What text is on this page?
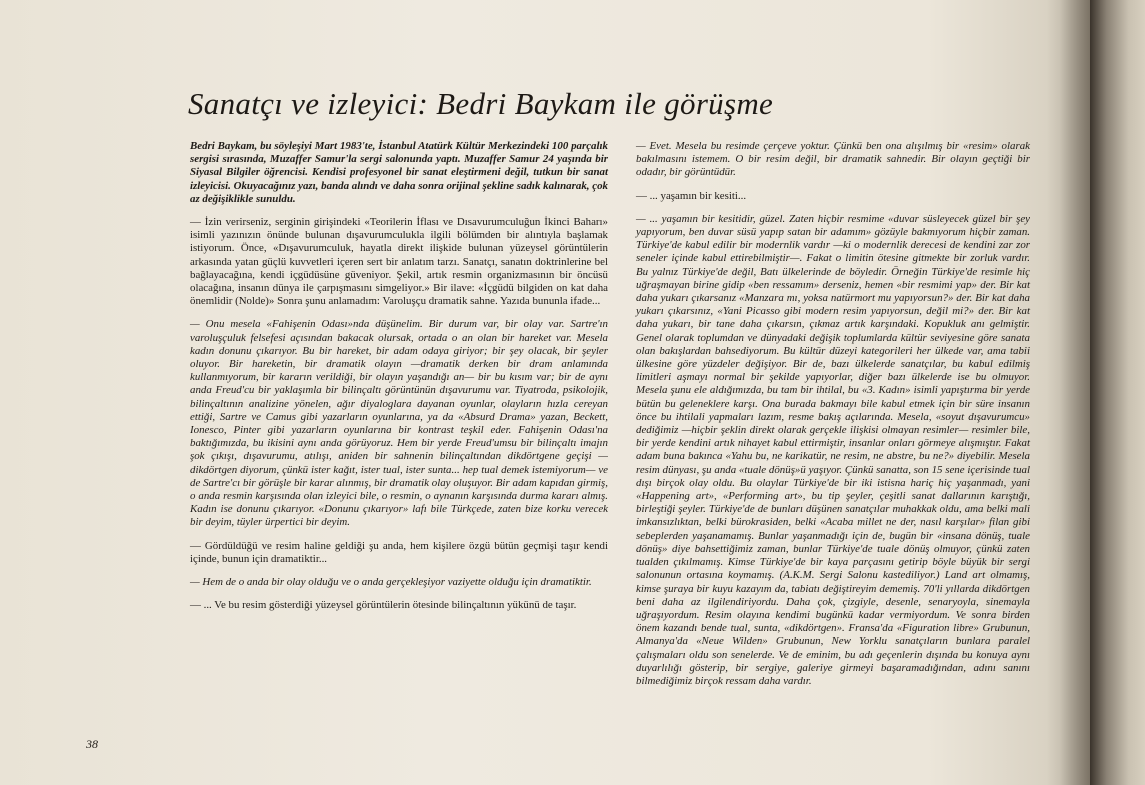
Sanatçı ve izleyici: Bedri Baykam ile görüşme

Bedri Baykam, bu söyleşiyi Mart 1983'te, İstanbul Atatürk Kültür Merkezindeki 100 parçalık sergisi sırasında, Muzaffer Samur'la sergi salonunda yaptı. Muzaffer Samur 24 yaşında bir Siyasal Bilgiler öğrencisi. Kendisi profesyonel bir sanat eleştirmeni değil, tutkun bir sanat izleyicisi. Okuyacağınız yazı, banda alındı ve daha sonra orijinal şekline sadık kalınarak, çok az değişiklikle sunuldu.

— İzin verirseniz, serginin girişindeki «Teorilerin İflası ve Dısavurumculuğun İkinci Baharı» isimli yazınızın önünde bulunan dışavurumculukla ilgili bölümden bir alıntıyla başlamak istiyorum. Önce, «Dışavurumculuk, hayatla direkt ilişkide bulunan yüzeysel görüntülerin arkasında yatan güçlü kuvvetleri içeren sert bir anlatım tarzı. Sanatçı, sanatın doktrinlerine bel bağlayacağına, kendi içgüdüsüne güveniyor. Şekil, artık resmin organizmasının bir öncüsü olacağına, insanın dünya ile çarpışmasını simgeliyor.» Bir ilave: «İçgüdü bilgiden on kat daha önemlidir (Nolde)» Sonra şunu anlamadım: Varoluşçu dramatik sahne. Yazıda bununla ifade...

— Onu mesela «Fahişenin Odası»nda düşünelim. Bir durum var, bir olay var. Sartre'ın varoluşçuluk felsefesi açısından bakacak olursak, ortada o an olan bir hareket var. Mesela kadın donunu çıkarıyor. Bu bir hareket, bir adam odaya giriyor; bir şey olacak, bir şeyler oluyor. Bir hareketin, bir dramatik olayın —dramatik derken bir dram anlamında kullanmıyorum, bir kararın verildiği, bir olayın yaşandığı an— bir bu kısım var; bir de aynı anda Freud'cu bir yaklaşımla bir bilinçaltı görüntünün dışavurumu var. Tiyatroda, psikolojik, bilinçaltının analizine yönelen, ağır diyaloglara dayanan oyunlar, olayların hızla cereyan ettiği, Sartre ve Camus gibi yazarların oyunlarına, ya da «Absurd Drama» yazan, Beckett, Ionesco, Pinter gibi yazarların oyunlarına bir kontrast teşkil eder. Fahişenin Odası'na baktığımızda, bu ikisini aynı anda görüyoruz. Hem bir yerde Freud'umsu bir bilinçaltı imajın şok çıkışı, dışavurumu, atılışı, aniden bir sahnenin bilinçaltından dikdörtgene geçişi —dikdörtgen diyorum, çünkü ister kağıt, ister tual, ister sunta... hep tual demek istemiyorum— ve de Sartre'cı bir görüşle bir karar alınmış, bir dramatik olay oluşuyor. Bir adam kapıdan girmiş, o anda resmin karşısında olan izleyici bile, o resmin, o aynanın karşısında durma kararı almış. Kadın ise donunu çıkarıyor. «Donunu çıkarıyor» lafı bile Türkçede, zaten bize korku verecek bir deyim, tüyler ürpertici bir deyim.

— Gördüldüğü ve resim haline geldiği şu anda, hem kişilere özgü bütün geçmişi taşır kendi içinde, bunun için dramatiktir...

— Hem de o anda bir olay olduğu ve o anda gerçekleşiyor vaziyette olduğu için dramatiktir.

— ... Ve bu resim gösterdiği yüzeysel görüntülerin ötesinde bilinçaltının yükünü de taşır.

— Evet. Mesela bu resimde çerçeve yoktur. Çünkü ben ona alışılmış bir «resim» olarak bakılmasını istemem. O bir resim değil, bir dramatik sahnedir. Bir olayın geçtiği bir odadır, bir görüntüdür.

— ... yaşamın bir kesiti...

— ... yaşamın bir kesitidir, güzel. Zaten hiçbir resmime «duvar süsleyecek güzel bir şey yapıyorum, ben duvar süsü yapıp satan bir adamım» gözüyle bakmıyorum hiçbir zaman. Türkiye'de kabul edilir bir modernlik vardır —ki o modernlik derecesi de kendini zar zor seneler içinde kabul ettirebilmiştir—. Fakat o limitin ötesine gitmekte bir zorluk vardır. Bu yalnız Türkiye'de değil, Batı ülkelerinde de böyledir. Örneğin Türkiye'de resimle hiç uğraşmayan birine gidip «ben ressamım» derseniz, hemen «bir resmimi yap» der. Bir kat daha yukarı çıkarsanız «Manzara mı, yoksa natürmort mu yapıyorsun?» der. Bir kat daha yukarı çıkarsınız, «Yani Picasso gibi modern resim yapıyorsun, değil mi?» der. Bir kat daha yukarı, bir tane daha çıkarsın, çıkmaz artık karşındaki. Kopukluk anı gelmiştir. Genel olarak toplumdan ve dünyadaki değişik toplumlarda kültür seviyesine göre sanata olan bakışlardan bahsediyorum. Bu kültür düzeyi kategorileri her ülkede var, ama tabii ülkesine göre yüzdeler değişiyor. Bir de, bazı ülkelerde sanatçılar, bu kabul edilmiş limitleri aşmayı normal bir şekilde yapıyorlar, diğer bazı ülkelerde ise bu olmuyor. Mesela şunu ele aldığımızda, bu tam bir ihtilal, bu «3. Kadın» isimli yapıştırma bir yerde bütün bu geleneklere karşı. Ona burada bakmayı bile kabul etmek için bir süre insanın önce bu ihtilali yapmaları lazım, resme bakış açılarında. Mesela, «soyut dışavurumcu» dediğimiz —hiçbir şeklin direkt olarak gerçekle ilişkisi olmayan resimler— resimler bile, bir yerde kendini artık nihayet kabul ettirmiştir, insanlar onları görmeye alışmıştır. Fakat adam buna bakınca «Yahu bu, ne karikatür, ne resim, ne abstre, bu ne?» diyebilir. Mesela resim dünyası, şu anda «tuale dönüş»ü yaşıyor. Çünkü sanatta, son 15 sene içerisinde tual dışı birçok olay oldu. Bu olaylar Türkiye'de bir iki istisna hariç hiç yaşanmadı, yani «Happening art», «Performing art», bu tip şeyler, çeşitli sanat dallarının karıştığı, birleştiği şeyler. Türkiye'de de bunları düşünen sanatçılar muhakkak oldu, ama belki mali imkansızlıktan, belki bürokrasiden, belki «Acaba millet ne der, nasıl karşılar» filan gibi sebeplerden yaşanamamış. Bunlar yaşanmadığı için de, bugün bir «insana dönüş, tuale dönüş» diye bahsettiğimiz zaman, bunlar Türkiye'de tuale dönüş olmuyor, çünkü zaten tualden çıkılmamış. Kimse Türkiye'de bir kaya parçasını getirip böyle büyük bir sergi salonunun ortasına koymamış. (A.K.M. Sergi Salonu kastediliyor.) Land art olmamış, kimse şuraya bir kuyu kazayım da, tabiatı değiştireyim dememiş. 70'li yıllarda dikdörtgen beni daha az ilgilendiriyordu. Daha çok, çizgiyle, desenle, senaryoyla, sinemayla uğraşıyordum. Resim olayına kendimi bugünkü kadar vermiyordum. Ve sonra birden önem kazandı bende tual, sunta, «dikdörtgen». Fransa'da «Figuration libre» Grubunun, Almanya'da «Neue Wilden» Grubunun, New Yorklu sanatçıların bunlara paralel çalışmaları oldu son senelerde. Ve de eminim, bu adı geçenlerin dışında bu konuya aynı duyarlılığı gösterip, bir sergiye, galeriye girmeyi başaramadığından, adını sanını bilmediğimiz birçok ressam daha vardır.

38
